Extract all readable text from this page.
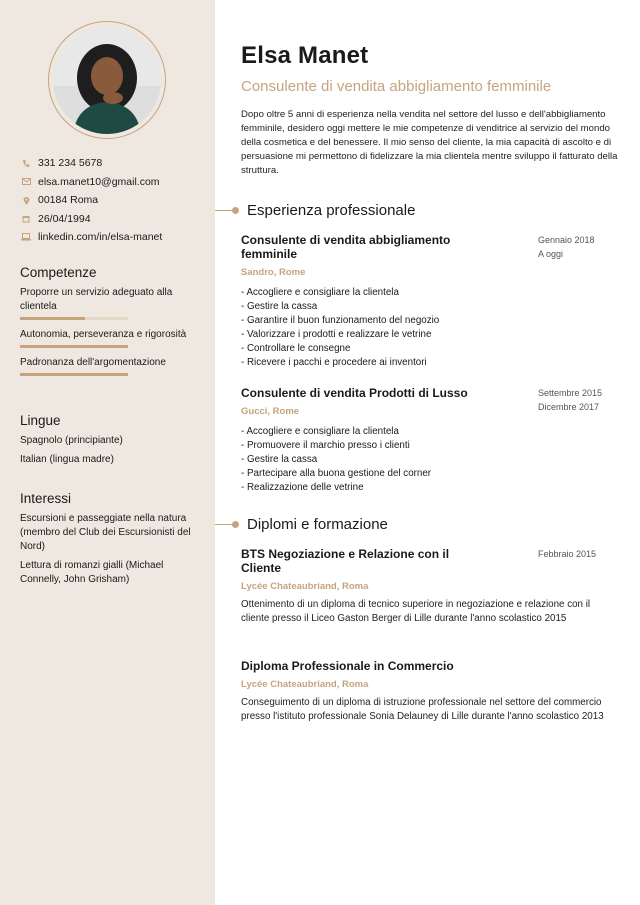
331 234 5678
elsa.manet10@gmail.com
00184 Roma
26/04/1994
linkedin.com/in/elsa-manet
Competenze
Proporre un servizio adeguato alla clientela
Autonomia, perseveranza e rigorosità
Padronanza dell'argomentazione
Lingue
Spagnolo (principiante)
Italian (lingua madre)
Interessi
Escursioni e passeggiate nella natura (membro del Club dei Escursionisti del Nord)
Lettura di romanzi gialli (Michael Connelly, John Grisham)
Elsa Manet
Consulente di vendita abbigliamento femminile
Dopo oltre 5 anni di esperienza nella vendita nel settore del lusso e dell'abbigliamento femminile, desidero oggi mettere le mie competenze di venditrice al servizio del mondo della cosmetica e del benessere. Il mio senso del cliente, la mia capacità di ascolto e di persuasione mi permettono di fidelizzare la mia clientela mentre sviluppo il fatturato della struttura.
Esperienza professionale
Consulente di vendita abbigliamento femminile
Gennaio 2018
A oggi
Sandro, Rome
- Accogliere e consigliare la clientela
- Gestire la cassa
- Garantire il buon funzionamento del negozio
- Valorizzare i prodotti e realizzare le vetrine
- Controllare le consegne
- Ricevere i pacchi e procedere ai inventori
Consulente di vendita Prodotti di Lusso	Settembre 2015
Dicembre 2017
Gucci, Rome
- Accogliere e consigliare la clientela
- Promuovere il marchio presso i clienti
- Gestire la cassa
- Partecipare alla buona gestione del corner
- Realizzazione delle vetrine
Diplomi e formazione
BTS Negoziazione e Relazione con il Cliente
Febbraio 2015
Lycée Chateaubriand, Roma
Ottenimento di un diploma di tecnico superiore in negoziazione e relazione con il cliente presso il Liceo Gaston Berger di Lille durante l'anno scolastico 2015
Diploma Professionale in Commercio
Lycée Chateaubriand, Roma
Conseguimento di un diploma di istruzione professionale nel settore del commercio presso l'istituto professionale Sonia Delauney di Lille durante l'anno scolastico 2013
